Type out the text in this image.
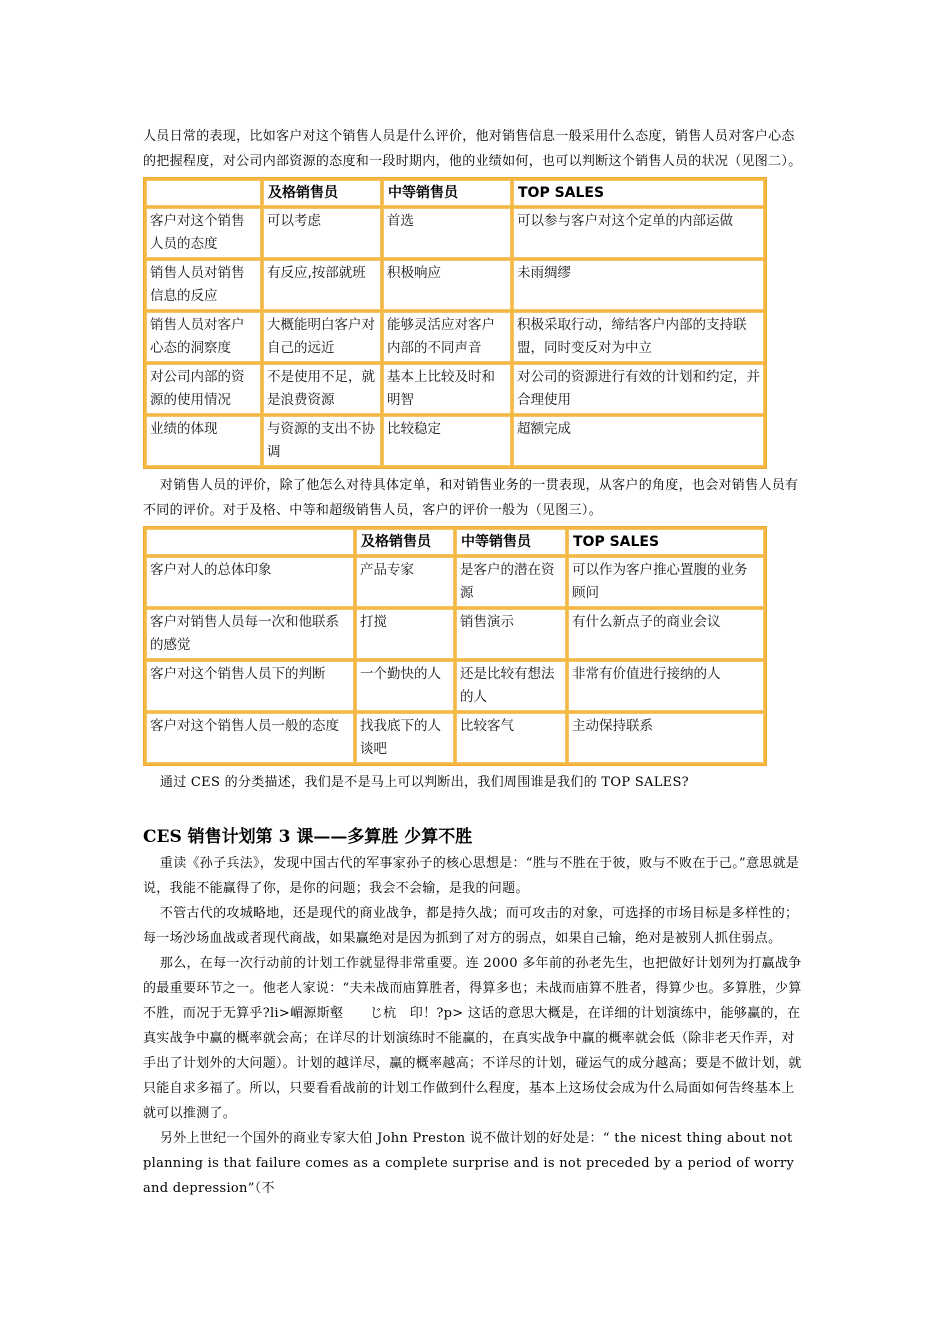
人员日常的表现，比如客户对这个销售人员是什么评价，他对销售信息一般采用什么态度，销售人员对客户心态的把握程度，对公司内部资源的态度和一段时期内，他的业绩如何，也可以判断这个销售人员的状况（见图二）。

	及格销售员	中等销售员	TOP SALES
客户对这个销售人员的态度	可以考虑	首选	可以参与客户对这个定单的内部运做
销售人员对销售信息的反应	有反应,按部就班	积极响应	未雨绸缪
销售人员对客户心态的洞察度	大概能明白客户对自己的远近	能够灵活应对客户内部的不同声音	积极采取行动，缔结客户内部的支持联盟，同时变反对为中立
对公司内部的资源的使用情况	不是使用不足，就是浪费资源	基本上比较及时和明智	对公司的资源进行有效的计划和约定，并合理使用
业绩的体现	与资源的支出不协调	比较稳定	超额完成

对销售人员的评价，除了他怎么对待具体定单，和对销售业务的一贯表现，从客户的角度，也会对销售人员有不同的评价。对于及格、中等和超级销售人员，客户的评价一般为（见图三）。

	及格销售员	中等销售员	TOP SALES
客户对人的总体印象	产品专家	是客户的潜在资源	可以作为客户推心置腹的业务顾问
客户对销售人员每一次和他联系的感觉	打搅	销售演示	有什么新点子的商业会议
客户对这个销售人员下的判断	一个勤快的人	还是比较有想法的人	非常有价值进行接纳的人
客户对这个销售人员一般的态度	找我底下的人谈吧	比较客气	主动保持联系

通过 CES 的分类描述，我们是不是马上可以判断出，我们周围谁是我们的 TOP SALES?

CES 销售计划第 3 课——多算胜 少算不胜

重读《孙子兵法》，发现中国古代的军事家孙子的核心思想是：“胜与不胜在于彼，败与不败在于己。”意思就是说，我能不能赢得了你，是你的问题；我会不会输，是我的问题。

不管古代的攻城略地，还是现代的商业战争，都是持久战；而可攻击的对象，可选择的市场目标是多样性的；每一场沙场血战或者现代商战，如果赢绝对是因为抓到了对方的弱点，如果自己输，绝对是被别人抓住弱点。

那么，在每一次行动前的计划工作就显得非常重要。连 2000 多年前的孙老先生，也把做好计划列为打赢战争的最重要环节之一。他老人家说：“夫未战而庙算胜者，得算多也；未战而庙算不胜者，得算少也。多算胜，少算不胜，而况于无算乎?li>嵋源斯壑　　じ杭　印！?p> 这话的意思大概是，在详细的计划演练中，能够赢的，在真实战争中赢的概率就会高；在详尽的计划演练时不能赢的，在真实战争中赢的概率就会低（除非老天作弄，对手出了计划外的大问题）。计划的越详尽，赢的概率越高；不详尽的计划，碰运气的成分越高；要是不做计划，就只能自求多福了。所以，只要看看战前的计划工作做到什么程度，基本上这场仗会成为什么局面如何告终基本上就可以推测了。

另外上世纪一个国外的商业专家大伯 John Preston 说不做计划的好处是：“ the nicest thing about not planning is that failure comes as a complete surprise and is not preceded by a period of worry and depression”（不
